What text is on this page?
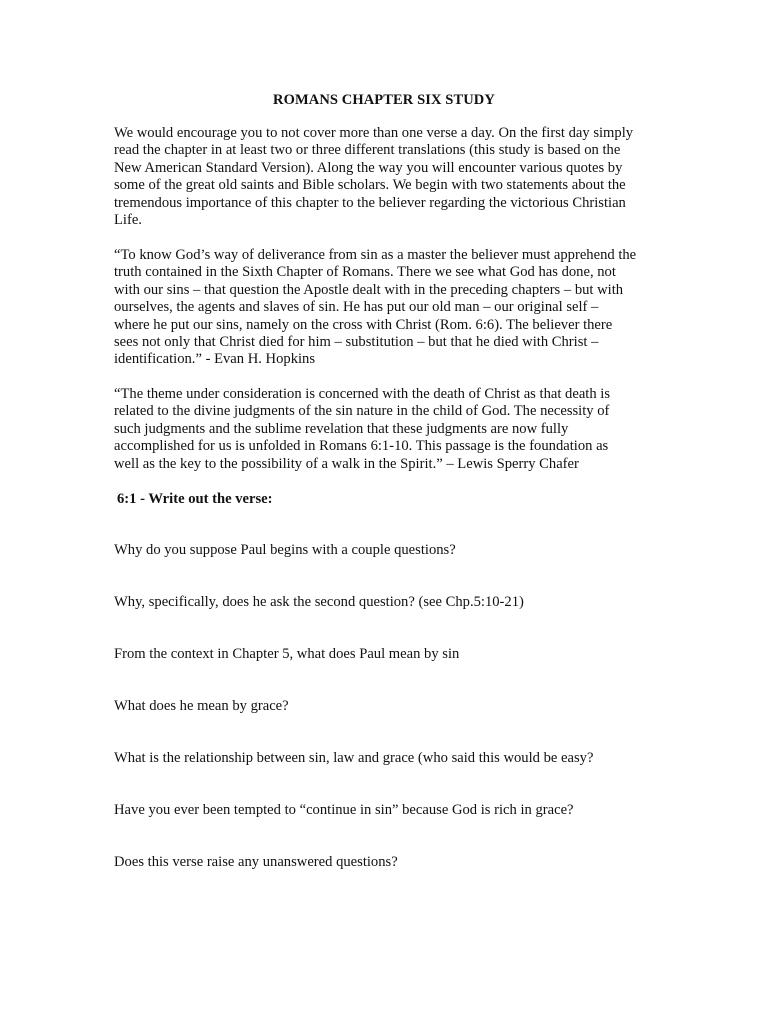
ROMANS CHAPTER SIX STUDY
We would encourage you to not cover more than one verse a day. On the first day simply
read the chapter in at least two or three different translations (this study is based on the
New American Standard Version). Along the way you will encounter various quotes by
some of the great old saints and Bible scholars. We begin with two statements about the
tremendous importance of this chapter to the believer regarding the victorious Christian
Life.
“To know God’s way of deliverance from sin as a master the believer must apprehend the
truth contained in the Sixth Chapter of Romans. There we see what God has done, not
with our sins – that question the Apostle dealt with in the preceding chapters – but with
ourselves, the agents and slaves of sin. He has put our old man – our original self –
where he put our sins, namely on the cross with Christ (Rom. 6:6). The believer there
sees not only that Christ died for him – substitution – but that he died with Christ –
identification.” - Evan H. Hopkins
“The theme under consideration is concerned with the death of Christ as that death is
related to the divine judgments of the sin nature in the child of God. The necessity of
such judgments and the sublime revelation that these judgments are now fully
accomplished for us is unfolded in Romans 6:1-10. This passage is the foundation as
well as the key to the possibility of a walk in the Spirit.” – Lewis Sperry Chafer
6:1 - Write out the verse:
Why do you suppose Paul begins with a couple questions?
Why, specifically, does he ask the second question? (see Chp.5:10-21)
From the context in Chapter 5, what does Paul mean by sin
What does he mean by grace?
What is the relationship between sin, law and grace (who said this would be easy?
Have you ever been tempted to “continue in sin” because God is rich in grace?
Does this verse raise any unanswered questions?
